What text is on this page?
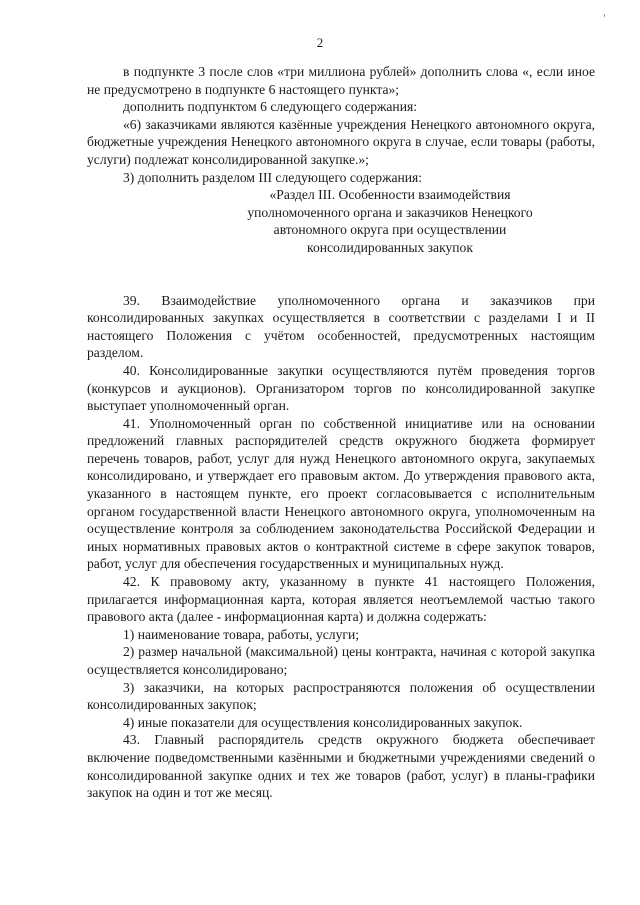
2

в подпункте 3 после слов «три миллиона рублей» дополнить слова «, если иное не предусмотрено в подпункте 6 настоящего пункта»;

дополнить подпунктом 6 следующего содержания:

«6) заказчиками являются казённые учреждения Ненецкого автономного округа, бюджетные учреждения Ненецкого автономного округа в случае, если товары (работы, услуги) подлежат консолидированной закупке.»;

3) дополнить разделом III следующего содержания:

«Раздел III. Особенности взаимодействия

уполномоченного органа и заказчиков Ненецкого

автономного округа при осуществлении

консолидированных закупок

39. Взаимодействие уполномоченного органа и заказчиков при консолидированных закупках осуществляется в соответствии с разделами I и II настоящего Положения с учётом особенностей, предусмотренных настоящим разделом.

40. Консолидированные закупки осуществляются путём проведения торгов (конкурсов и аукционов). Организатором торгов по консолидированной закупке выступает уполномоченный орган.

41. Уполномоченный орган по собственной инициативе или на основании предложений главных распорядителей средств окружного бюджета формирует перечень товаров, работ, услуг для нужд Ненецкого автономного округа, закупаемых консолидировано, и утверждает его правовым актом. До утверждения правового акта, указанного в настоящем пункте, его проект согласовывается с исполнительным органом государственной власти Ненецкого автономного округа, уполномоченным на осуществление контроля за соблюдением законодательства Российской Федерации и иных нормативных правовых актов о контрактной системе в сфере закупок товаров, работ, услуг для обеспечения государственных и муниципальных нужд.

42. К правовому акту, указанному в пункте 41 настоящего Положения, прилагается информационная карта, которая является неотъемлемой частью такого правового акта (далее - информационная карта) и должна содержать:

1) наименование товара, работы, услуги;

2) размер начальной (максимальной) цены контракта, начиная с которой закупка осуществляется консолидировано;

3) заказчики, на которых распространяются положения об осуществлении консолидированных закупок;

4) иные показатели для осуществления консолидированных закупок.

43. Главный распорядитель средств окружного бюджета обеспечивает включение подведомственными казёнными и бюджетными учреждениями сведений о консолидированной закупке одних и тех же товаров (работ, услуг) в планы-графики закупок на один и тот же месяц.
